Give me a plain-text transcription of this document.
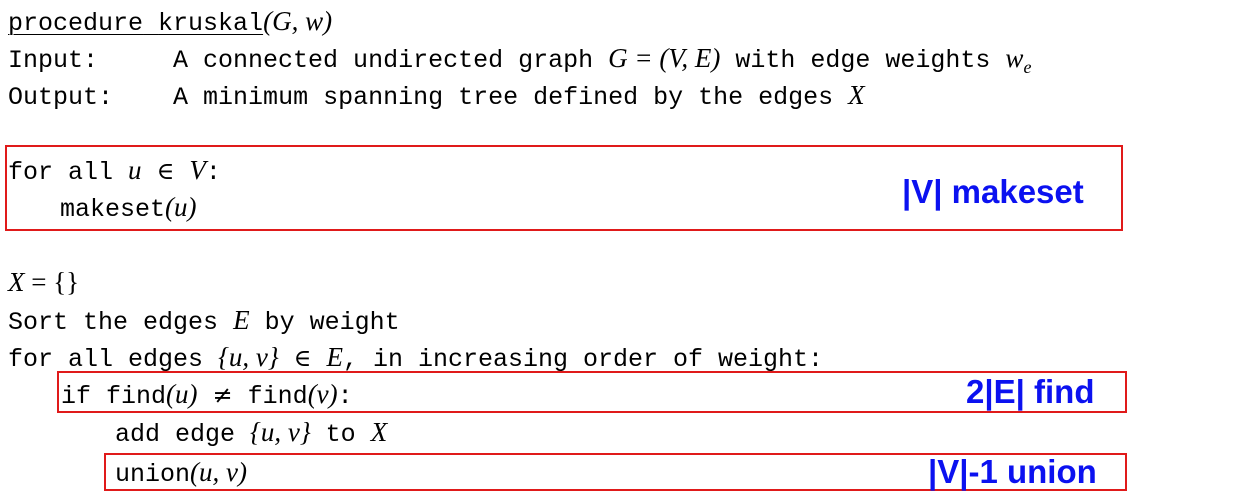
procedure kruskal(G, w)
Input:	A connected undirected graph G = (V, E) with edge weights $w_e$
Output: A minimum spanning tree defined by the edges X
for all u ∈ V:
makeset(u)	|V| makeset
X = {}
Sort the edges E by weight
for all edges {u, v} ∈ E, in increasing order of weight:
if find(u) ≠ find(v):	2|E| find
add edge {u, v} to X
union(u, v)	|V|-1 union
